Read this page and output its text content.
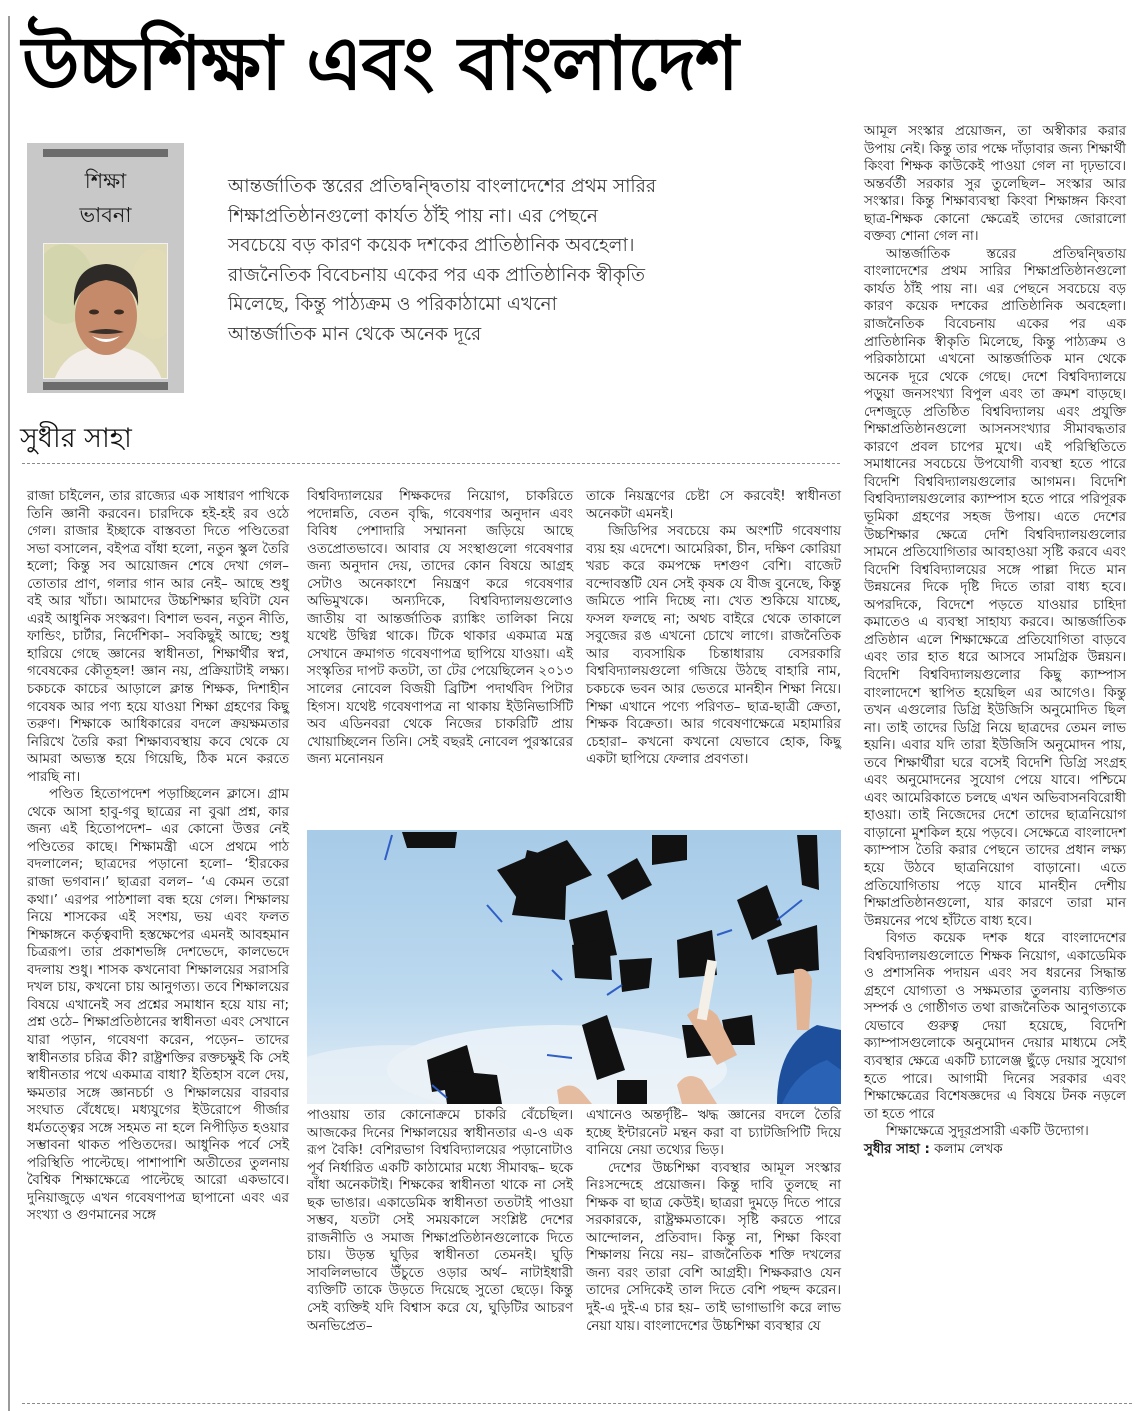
উচ্চশিক্ষা এবং বাংলাদেশ
শিক্ষা
ভাবনা

আন্তর্জাতিক স্তরের প্রতিদ্বন্দ্বিতায় বাংলাদেশের প্রথম সারির

শিক্ষাপ্রতিষ্ঠানগুলো কার্যত ঠাঁই পায় না। এর পেছনে

সবচেয়ে বড় কারণ কয়েক দশকের প্রাতিষ্ঠানিক অবহেলা।

রাজনৈতিক বিবেচনায় একের পর এক প্রাতিষ্ঠানিক স্বীকৃতি

মিলেছে, কিন্তু পাঠ্যক্রম ও পরিকাঠামো এখনো

আন্তর্জাতিক মান থেকে অনেক দূরে

সুধীর সাহা

রাজা চাইলেন, তার রাজ্যের এক সাধারণ পাখিকে তিনি জ্ঞানী করবেন। চারদিকে হই-হই রব ওঠে গেল। রাজার ইচ্ছাকে বাস্তবতা দিতে পণ্ডিতেরা সভা বসালেন, বইপত্র বাঁধা হলো, নতুন স্কুল তৈরি হলো; কিন্তু সব আয়োজন শেষে দেখা গেল– তোতার প্রাণ, গলার গান আর নেই– আছে শুধু বই আর খাঁচা। আমাদের উচ্চশিক্ষার ছবিটা যেন এরই আধুনিক সংস্করণ। বিশাল ভবন, নতুন নীতি, ফান্ডিং, চার্টার, নির্দেশিকা– সবকিছুই আছে; শুধু হারিয়ে গেছে জ্ঞানের স্বাধীনতা, শিক্ষার্থীর স্বপ্ন, গবেষকের কৌতূহল! জ্ঞান নয়, প্রক্রিয়াটাই লক্ষ্য। চকচকে কাচের আড়ালে ক্লান্ত শিক্ষক, দিশাহীন গবেষক আর পণ্য হয়ে যাওয়া শিক্ষা গ্রহণের কিছু তরুণ। শিক্ষাকে আধিকারের বদলে ক্রয়ক্ষমতার নিরিখে তৈরি করা শিক্ষাব্যবস্থায় কবে থেকে যে আমরা অভ্যস্ত হয়ে গিয়েছি, ঠিক মনে করতে পারছি না।

পণ্ডিত হিতোপদেশ পড়াচ্ছিলেন ক্লাসে। গ্রাম থেকে আসা হাবু-গবু ছাত্রের না বুঝা প্রশ্ন, কার জন্য এই হিতোপদেশ– এর কোনো উত্তর নেই পণ্ডিতের কাছে। শিক্ষামন্ত্রী এসে প্রথমে পাঠ বদলালেন; ছাত্রদের পড়ানো হলো– ‘হীরকের রাজা ভগবান।’ ছাত্ররা বলল– ‘এ কেমন তরো কথা।’ এরপর পাঠশালা বন্ধ হয়ে গেল। শিক্ষালয় নিয়ে শাসকের এই সংশয়, ভয় এবং ফলত শিক্ষাঙ্গনে কর্তৃত্ববাদী হস্তক্ষেপের এমনই আবহমান চিত্ররূপ। তার প্রকাশভঙ্গি দেশভেদে, কালভেদে বদলায় শুধু। শাসক কখনোবা শিক্ষালয়ের সরাসরি দখল চায়, কখনো চায় আনুগত্য। তবে শিক্ষালয়ের বিষয়ে এখানেই সব প্রশ্নের সমাধান হয়ে যায় না; প্রশ্ন ওঠে– শিক্ষাপ্রতিষ্ঠানের স্বাধীনতা এবং সেখানে যারা পড়ান, গবেষণা করেন, পড়েন– তাদের স্বাধীনতার চরিত্র কী? রাষ্ট্রশক্তির রক্তচক্ষুই কি সেই স্বাধীনতার পথে একমাত্র বাধা? ইতিহাস বলে দেয়, ক্ষমতার সঙ্গে জ্ঞানচর্চা ও শিক্ষালয়ের বারবার সংঘাত বেঁধেছে। মধ্যযুগের ইউরোপে গীর্জার ধর্মতত্ত্বের সঙ্গে সহমত না হলে নিপীড়িত হওয়ার সম্ভাবনা থাকত পণ্ডিতদের। আধুনিক পর্বে সেই পরিস্থিতি পাল্টেছে। পাশাপাশি অতীতের তুলনায় বৈশ্বিক শিক্ষাক্ষেত্রে পাল্টেছে আরো একভাবে। দুনিয়াজুড়ে এখন গবেষণাপত্র ছাপানো এবং এর সংখ্যা ও গুণমানের সঙ্গে

বিশ্ববিদ্যালয়ের শিক্ষকদের নিয়োগ, চাকরিতে পদোন্নতি, বেতন বৃদ্ধি, গবেষণার অনুদান এবং বিবিধ পেশাদারি সম্মাননা জড়িয়ে আছে ওতপ্রোতভাবে। আবার যে সংস্থাগুলো গবেষণার জন্য অনুদান দেয়, তাদের কোন বিষয়ে আগ্রহ সেটাও অনেকাংশে নিয়ন্ত্রণ করে গবেষণার অভিমুখকে। অন্যদিকে, বিশ্ববিদ্যালয়গুলোও জাতীয় বা আন্তর্জাতিক র‍্যাঙ্কিং তালিকা নিয়ে যথেষ্ট উদ্বিগ্ন থাকে। টিকে থাকার একমাত্র মন্ত্র সেখানে ক্রমাগত গবেষণাপত্র ছাপিয়ে যাওয়া। এই সংস্কৃতির দাপট কতটা, তা টের পেয়েছিলেন ২০১৩ সালের নোবেল বিজয়ী ব্রিটিশ পদার্থবিদ পিটার হিগস। যথেষ্ট গবেষণাপত্র না থাকায় ইউনিভার্সিটি অব এডিনবরা থেকে নিজের চাকরিটি প্রায় খোয়াচ্ছিলেন তিনি। সেই বছরই নোবেল পুরস্কারের জন্য মনোনয়ন

তাকে নিয়ন্ত্রণের চেষ্টা সে করবেই! স্বাধীনতা অনেকটা এমনই।

জিডিপির সবচেয়ে কম অংশটি গবেষণায় ব্যয় হয় এদেশে। আমেরিকা, চীন, দক্ষিণ কোরিয়া খরচ করে কমপক্ষে দশগুণ বেশি। বাজেট বন্দোবস্তটি যেন সেই কৃষক যে বীজ বুনেছে, কিন্তু জমিতে পানি দিচ্ছে না। খেত শুকিয়ে যাচ্ছে, ফসল ফলছে না; অথচ বাইরে থেকে তাকালে সবুজের রঙ এখনো চোখে লাগে। রাজনৈতিক আর ব্যবসায়িক চিন্তাধারায় বেসরকারি বিশ্ববিদ্যালয়গুলো গজিয়ে উঠছে বাহারি নাম, চকচকে ভবন আর ভেতরে মানহীন শিক্ষা নিয়ে। শিক্ষা এখানে পণ্যে পরিণত– ছাত্র-ছাত্রী ক্রেতা, শিক্ষক বিক্রেতা। আর গবেষণাক্ষেত্রে মহামারির চেহারা– কখনো কখনো যেভাবে হোক, কিছু একটা ছাপিয়ে ফেলার প্রবণতা।

পাওয়ায় তার কোনোক্রমে চাকরি বেঁচেছিল। আজকের দিনের শিক্ষালয়ের স্বাধীনতার এ-ও এক রূপ বৈকি! বেশিরভাগ বিশ্ববিদ্যালয়ের পড়ানোটাও পূর্ব নির্ধারিত একটি কাঠামোর মধ্যে সীমাবদ্ধ– ছকে বাঁধা অনেকটাই। শিক্ষকের স্বাধীনতা থাকে না সেই ছক ভাঙার। একাডেমিক স্বাধীনতা ততটাই পাওয়া সম্ভব, যতটা সেই সময়কালে সংশ্লিষ্ট দেশের রাজনীতি ও সমাজ শিক্ষাপ্রতিষ্ঠানগুলোকে দিতে চায়। উড়ন্ত ঘুড়ির স্বাধীনতা তেমনই। ঘুড়ি সাবলিলভাবে উঁচুতে ওড়ার অর্থ– নাটাইধারী ব্যক্তিটি তাকে উড়তে দিয়েছে সুতো ছেড়ে। কিন্তু সেই ব্যক্তিই যদি বিশ্বাস করে যে, ঘুড়িটির আচরণ অনভিপ্রেত–

এখানেও অন্তর্দৃষ্টি– ঋদ্ধ জ্ঞানের বদলে তৈরি হচ্ছে ইন্টারনেট মন্থন করা বা চ্যাটজিপিটি দিয়ে বানিয়ে নেয়া তথ্যের ভিড়।

দেশের উচ্চশিক্ষা ব্যবস্থার আমূল সংস্কার নিঃসন্দেহে প্রয়োজন। কিন্তু দাবি তুলছে না শিক্ষক বা ছাত্র কেউই। ছাত্ররা দুমড়ে দিতে পারে সরকারকে, রাষ্ট্রক্ষমতাকে। সৃষ্টি করতে পারে আন্দোলন, প্রতিবাদ। কিন্তু না, শিক্ষা কিংবা শিক্ষালয় নিয়ে নয়– রাজনৈতিক শক্তি দখলের জন্য বরং তারা বেশি আগ্রহী। শিক্ষকরাও যেন তাদের সেদিকেই তাল দিতে বেশি পছন্দ করেন। দুই-এ দুই-এ চার হয়– তাই ভাগাভাগি করে লাভ নেয়া যায়। বাংলাদেশের উচ্চশিক্ষা ব্যবস্থার যে

আমূল সংস্কার প্রয়োজন, তা অস্বীকার করার উপায় নেই। কিন্তু তার পক্ষে দাঁড়াবার জন্য শিক্ষার্থী কিংবা শিক্ষক কাউকেই পাওয়া গেল না দৃঢ়ভাবে। অন্তর্বর্তী সরকার সুর তুলেছিল– সংস্কার আর সংস্কার। কিন্তু শিক্ষাব্যবস্থা কিংবা শিক্ষাঙ্গন কিংবা ছাত্র-শিক্ষক কোনো ক্ষেত্রেই তাদের জোরালো বক্তব্য শোনা গেল না।

আন্তর্জাতিক স্তরের প্রতিদ্বন্দ্বিতায় বাংলাদেশের প্রথম সারির শিক্ষাপ্রতিষ্ঠানগুলো কার্যত ঠাঁই পায় না। এর পেছনে সবচেয়ে বড় কারণ কয়েক দশকের প্রাতিষ্ঠানিক অবহেলা। রাজনৈতিক বিবেচনায় একের পর এক প্রাতিষ্ঠানিক স্বীকৃতি মিলেছে, কিন্তু পাঠ্যক্রম ও পরিকাঠামো এখনো আন্তর্জাতিক মান থেকে অনেক দূরে থেকে গেছে। দেশে বিশ্ববিদ্যালয়ে পড়ুয়া জনসংখ্যা বিপুল এবং তা ক্রমশ বাড়ছে। দেশজুড়ে প্রতিষ্ঠিত বিশ্ববিদ্যালয় এবং প্রযুক্তি শিক্ষাপ্রতিষ্ঠানগুলো আসনসংখ্যার সীমাবদ্ধতার কারণে প্রবল চাপের মুখে। এই পরিস্থিতিতে সমাধানের সবচেয়ে উপযোগী ব্যবস্থা হতে পারে বিদেশি বিশ্ববিদ্যালয়গুলোর আগমন। বিদেশি বিশ্ববিদ্যালয়গুলোর ক্যাম্পাস হতে পারে পরিপূরক ভূমিকা গ্রহণের সহজ উপায়। এতে দেশের উচ্চশিক্ষার ক্ষেত্রে দেশি বিশ্ববিদ্যালয়গুলোর সামনে প্রতিযোগিতার আবহাওয়া সৃষ্টি করবে এবং বিদেশি বিশ্ববিদ্যালয়ের সঙ্গে পাল্লা দিতে মান উন্নয়নের দিকে দৃষ্টি দিতে তারা বাধ্য হবে। অপরদিকে, বিদেশে পড়তে যাওয়ার চাহিদা কমাতেও এ ব্যবস্থা সাহায্য করবে। আন্তর্জাতিক প্রতিষ্ঠান এলে শিক্ষাক্ষেত্রে প্রতিযোগিতা বাড়বে এবং তার হাত ধরে আসবে সামগ্রিক উন্নয়ন। বিদেশি বিশ্ববিদ্যালয়গুলোর কিছু ক্যাম্পাস বাংলাদেশে স্থাপিত হয়েছিল এর আগেও। কিন্তু তখন এগুলোর ডিগ্রি ইউজিসি অনুমোদিত ছিল না। তাই তাদের ডিগ্রি নিয়ে ছাত্রদের তেমন লাভ হয়নি। এবার যদি তারা ইউজিসি অনুমোদন পায়, তবে শিক্ষার্থীরা ঘরে বসেই বিদেশি ডিগ্রি সংগ্রহ এবং অনুমোদনের সুযোগ পেয়ে যাবে। পশ্চিমে এবং আমেরিকাতে চলছে এখন অভিবাসনবিরোধী হাওয়া। তাই নিজেদের দেশে তাদের ছাত্রনিয়োগ বাড়ানো মুশকিল হয়ে পড়বে। সেক্ষেত্রে বাংলাদেশ ক্যাম্পাস তৈরি করার পেছনে তাদের প্রধান লক্ষ্য হয়ে উঠবে ছাত্রনিয়োগ বাড়ানো। এতে প্রতিযোগিতায় পড়ে যাবে মানহীন দেশীয় শিক্ষাপ্রতিষ্ঠানগুলো, যার কারণে তারা মান উন্নয়নের পথে হাঁটতে বাধ্য হবে।

বিগত কয়েক দশক ধরে বাংলাদেশের বিশ্ববিদ্যালয়গুলোতে শিক্ষক নিয়োগ, একাডেমিক ও প্রশাসনিক পদায়ন এবং সব ধরনের সিদ্ধান্ত গ্রহণে যোগ্যতা ও সক্ষমতার তুলনায় ব্যক্তিগত সম্পর্ক ও গোষ্ঠীগত তথা রাজনৈতিক আনুগত্যকে যেভাবে গুরুত্ব দেয়া হয়েছে, বিদেশি ক্যাম্পাসগুলোকে অনুমোদন দেয়ার মাধ্যমে সেই ব্যবস্থার ক্ষেত্রে একটি চ্যালেঞ্জ ছুঁড়ে দেয়ার সুযোগ হতে পারে। আগামী দিনের সরকার এবং শিক্ষাক্ষেত্রের বিশেষজ্ঞদের এ বিষয়ে টনক নড়লে তা হতে পারে

শিক্ষাক্ষেত্রে সুদূরপ্রসারী একটি উদ্যোগ।

সুধীর সাহা : কলাম লেখক
